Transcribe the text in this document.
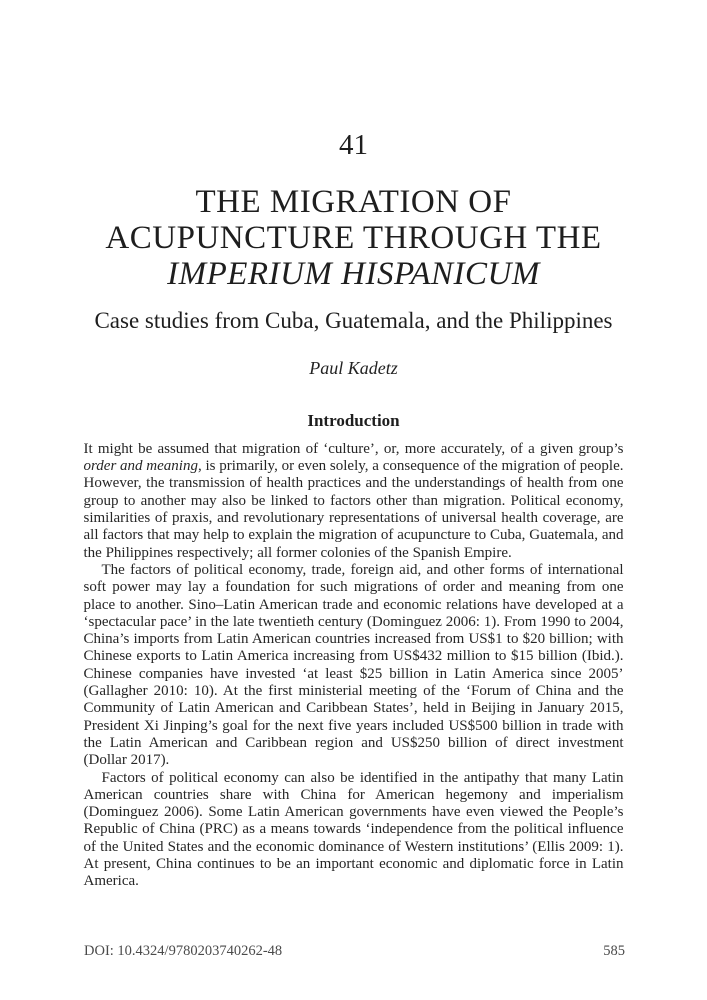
41
THE MIGRATION OF ACUPUNCTURE THROUGH THE
IMPERIUM HISPANICUM
Case studies from Cuba, Guatemala, and the Philippines
Paul Kadetz
Introduction

It might be assumed that migration of ‘culture’, or, more accurately, of a given group’s order and meaning, is primarily, or even solely, a consequence of the migration of people. However, the transmission of health practices and the understandings of health from one group to another may also be linked to factors other than migration. Political economy, similarities of praxis, and revolutionary representations of universal health coverage, are all factors that may help to explain the migration of acupuncture to Cuba, Guatemala, and the Philippines respectively; all former colonies of the Spanish Empire.

The factors of political economy, trade, foreign aid, and other forms of international soft power may lay a foundation for such migrations of order and meaning from one place to another. Sino–Latin American trade and economic relations have developed at a ‘spectacular pace’ in the late twentieth century (Dominguez 2006: 1). From 1990 to 2004, China’s imports from Latin American countries increased from US$1 to $20 billion; with Chinese exports to Latin America increasing from US$432 million to $15 billion (Ibid.). Chinese companies have invested ‘at least $25 billion in Latin America since 2005’ (Gallagher 2010: 10). At the first ministerial meeting of the ‘Forum of China and the Community of Latin American and Caribbean States’, held in Beijing in January 2015, President Xi Jinping’s goal for the next five years included US$500 billion in trade with the Latin American and Caribbean region and US$250 billion of direct investment (Dollar 2017).

Factors of political economy can also be identified in the antipathy that many Latin American countries share with China for American hegemony and imperialism (Dominguez 2006). Some Latin American governments have even viewed the People’s Republic of China (PRC) as a means towards ‘independence from the political influence of the United States and the economic dominance of Western institutions’ (Ellis 2009: 1). At present, China continues to be an important economic and diplomatic force in Latin America.

DOI: 10.4324/9780203740262-48	585
